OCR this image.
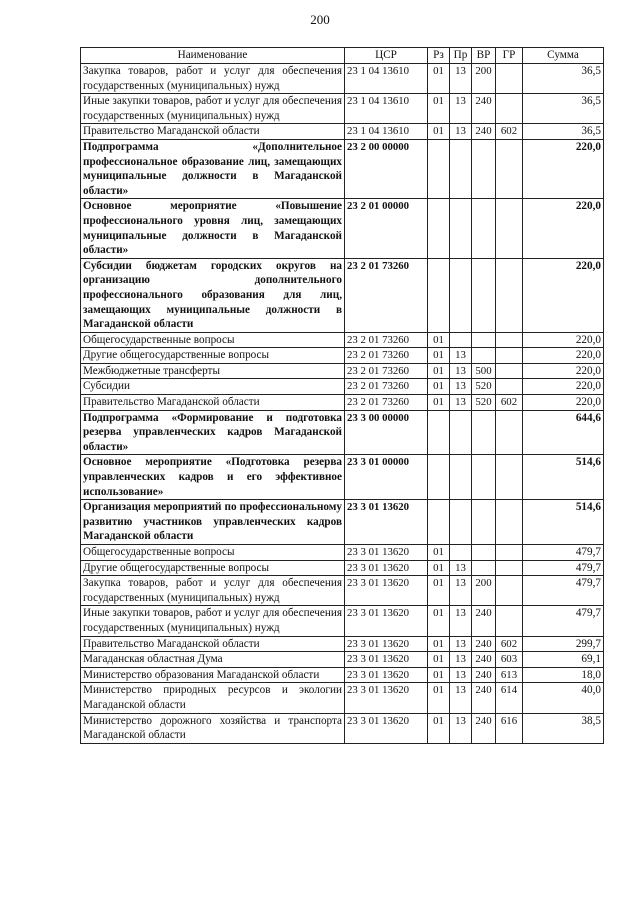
200
Наименование	ЦСР	Рз	Пр	ВР	ГР	Сумма
Закупка товаров, работ и услуг для обеспечения государственных (муниципальных) нужд	23 1 04 13610	01	13	200		36,5
Иные закупки товаров, работ и услуг для обеспечения государственных (муниципальных) нужд	23 1 04 13610	01	13	240		36,5
Правительство Магаданской области	23 1 04 13610	01	13	240	602	36,5
Подпрограмма «Дополнительное профессиональное образование лиц, замещающих муниципальные должности в Магаданской области»	23 2 00 00000					220,0
Основное мероприятие «Повышение профессионального уровня лиц, замещающих муниципальные должности в Магаданской области»	23 2 01 00000					220,0
Субсидии бюджетам городских округов на организацию дополнительного профессионального образования для лиц, замещающих муниципальные должности в Магаданской области	23 2 01 73260					220,0
Общегосударственные вопросы	23 2 01 73260	01				220,0
Другие общегосударственные вопросы	23 2 01 73260	01	13			220,0
Межбюджетные трансферты	23 2 01 73260	01	13	500		220,0
Субсидии	23 2 01 73260	01	13	520		220,0
Правительство Магаданской области	23 2 01 73260	01	13	520	602	220,0
Подпрограмма «Формирование и подготовка резерва управленческих кадров Магаданской области»	23 3 00 00000					644,6
Основное мероприятие «Подготовка резерва управленческих кадров и его эффективное использование»	23 3 01 00000					514,6
Организация мероприятий по профессиональному развитию участников управленческих кадров Магаданской области	23 3 01 13620					514,6
Общегосударственные вопросы	23 3 01 13620	01				479,7
Другие общегосударственные вопросы	23 3 01 13620	01	13			479,7
Закупка товаров, работ и услуг для обеспечения государственных (муниципальных) нужд	23 3 01 13620	01	13	200		479,7
Иные закупки товаров, работ и услуг для обеспечения государственных (муниципальных) нужд	23 3 01 13620	01	13	240		479,7
Правительство Магаданской области	23 3 01 13620	01	13	240	602	299,7
Магаданская областная Дума	23 3 01 13620	01	13	240	603	69,1
Министерство образования Магаданской области	23 3 01 13620	01	13	240	613	18,0
Министерство природных ресурсов и экологии Магаданской области	23 3 01 13620	01	13	240	614	40,0
Министерство дорожного хозяйства и транспорта Магаданской области	23 3 01 13620	01	13	240	616	38,5
